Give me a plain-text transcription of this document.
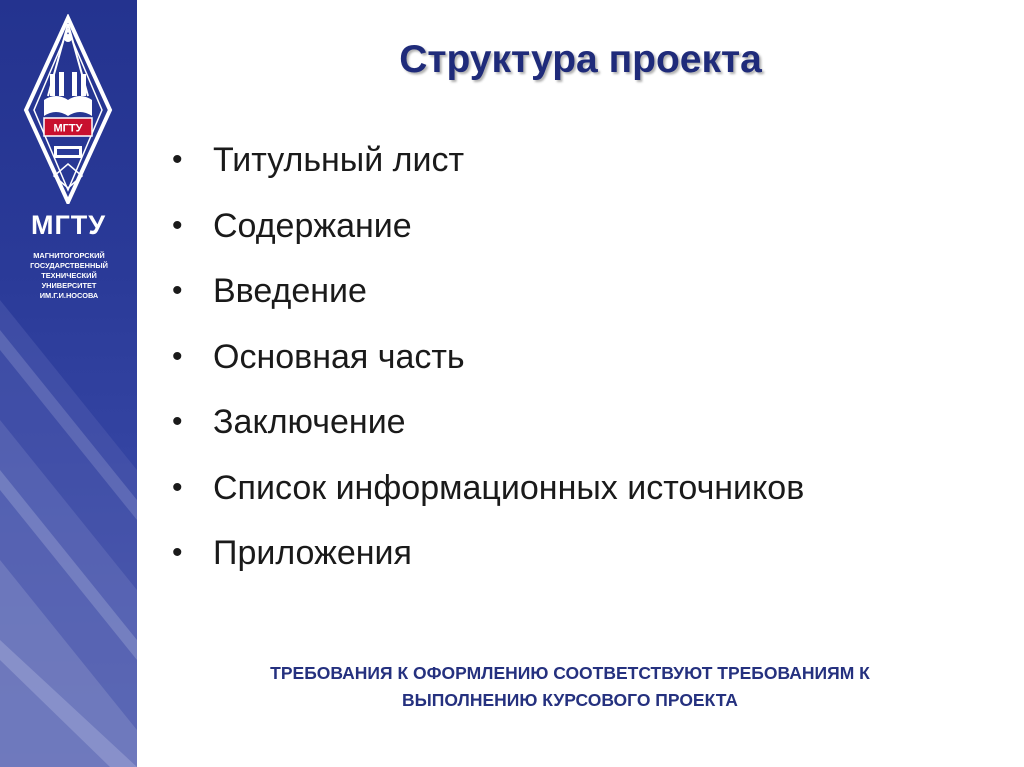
МГТУ
МГТУ
МАГНИТОГОРСКИЙ
ГОСУДАРСТВЕННЫЙ
ТЕХНИЧЕСКИЙ
УНИВЕРСИТЕТ
ИМ.Г.И.НОСОВА
Структура проекта
• Титульный лист
• Содержание
• Введение
• Основная часть
• Заключение
• Список информационных источников
• Приложения
ТРЕБОВАНИЯ К ОФОРМЛЕНИЮ СООТВЕТСТВУЮТ ТРЕБОВАНИЯМ К
ВЫПОЛНЕНИЮ КУРСОВОГО ПРОЕКТА
